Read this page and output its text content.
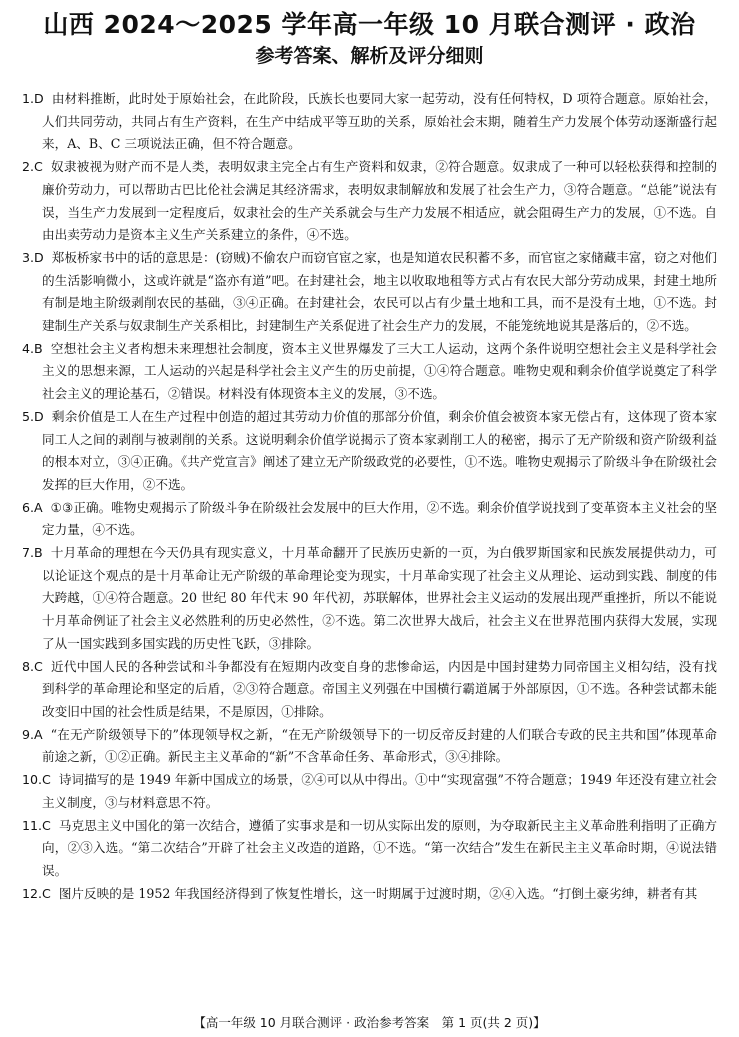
山西 2024～2025 学年高一年级 10 月联合测评 · 政治
参考答案、解析及评分细则

1.D 由材料推断，此时处于原始社会，在此阶段，氏族长也要同大家一起劳动，没有任何特权，D 项符合题意。原始社会，人们共同劳动，共同占有生产资料，在生产中结成平等互助的关系，原始社会末期，随着生产力发展个体劳动逐渐盛行起来，A、B、C 三项说法正确，但不符合题意。

2.C 奴隶被视为财产而不是人类，表明奴隶主完全占有生产资料和奴隶，②符合题意。奴隶成了一种可以轻松获得和控制的廉价劳动力，可以帮助古巴比伦社会满足其经济需求，表明奴隶制解放和发展了社会生产力，③符合题意。“总能”说法有误，当生产力发展到一定程度后，奴隶社会的生产关系就会与生产力发展不相适应，就会阻碍生产力的发展，①不选。自由出卖劳动力是资本主义生产关系建立的条件，④不选。

3.D 郑板桥家书中的话的意思是：(窃贼)不偷农户而窃官宦之家，也是知道农民积蓄不多，而官宦之家储藏丰富，窃之对他们的生活影响微小，这或许就是“盗亦有道”吧。在封建社会，地主以收取地租等方式占有农民大部分劳动成果，封建土地所有制是地主阶级剥削农民的基础，③④正确。在封建社会，农民可以占有少量土地和工具，而不是没有土地，①不选。封建制生产关系与奴隶制生产关系相比，封建制生产关系促进了社会生产力的发展，不能笼统地说其是落后的，②不选。

4.B 空想社会主义者构想未来理想社会制度，资本主义世界爆发了三大工人运动，这两个条件说明空想社会主义是科学社会主义的思想来源，工人运动的兴起是科学社会主义产生的历史前提，①④符合题意。唯物史观和剩余价值学说奠定了科学社会主义的理论基石，②错误。材料没有体现资本主义的发展，③不选。

5.D 剩余价值是工人在生产过程中创造的超过其劳动力价值的那部分价值，剩余价值会被资本家无偿占有，这体现了资本家同工人之间的剥削与被剥削的关系。这说明剩余价值学说揭示了资本家剥削工人的秘密，揭示了无产阶级和资产阶级利益的根本对立，③④正确。《共产党宣言》阐述了建立无产阶级政党的必要性，①不选。唯物史观揭示了阶级斗争在阶级社会发挥的巨大作用，②不选。

6.A ①③正确。唯物史观揭示了阶级斗争在阶级社会发展中的巨大作用，②不选。剩余价值学说找到了变革资本主义社会的坚定力量，④不选。

7.B 十月革命的理想在今天仍具有现实意义，十月革命翻开了民族历史新的一页，为白俄罗斯国家和民族发展提供动力，可以论证这个观点的是十月革命让无产阶级的革命理论变为现实，十月革命实现了社会主义从理论、运动到实践、制度的伟大跨越，①④符合题意。20 世纪 80 年代末 90 年代初，苏联解体，世界社会主义运动的发展出现严重挫折，所以不能说十月革命例证了社会主义必然胜利的历史必然性，②不选。第二次世界大战后，社会主义在世界范围内获得大发展，实现了从一国实践到多国实践的历史性飞跃，③排除。

8.C 近代中国人民的各种尝试和斗争都没有在短期内改变自身的悲惨命运，内因是中国封建势力同帝国主义相勾结，没有找到科学的革命理论和坚定的后盾，②③符合题意。帝国主义列强在中国横行霸道属于外部原因，①不选。各种尝试都未能改变旧中国的社会性质是结果，不是原因，①排除。

9.A “在无产阶级领导下的”体现领导权之新，“在无产阶级领导下的一切反帝反封建的人们联合专政的民主共和国”体现革命前途之新，①②正确。新民主主义革命的“新”不含革命任务、革命形式，③④排除。

10.C 诗词描写的是 1949 年新中国成立的场景，②④可以从中得出。①中“实现富强”不符合题意；1949 年还没有建立社会主义制度，③与材料意思不符。

11.C 马克思主义中国化的第一次结合，遵循了实事求是和一切从实际出发的原则，为夺取新民主主义革命胜利指明了正确方向，②③入选。“第二次结合”开辟了社会主义改造的道路，①不选。“第一次结合”发生在新民主主义革命时期，④说法错误。

12.C 图片反映的是 1952 年我国经济得到了恢复性增长，这一时期属于过渡时期，②④入选。“打倒土豪劣绅，耕者有其

【高一年级 10 月联合测评 · 政治参考答案　第 1 页(共 2 页)】
